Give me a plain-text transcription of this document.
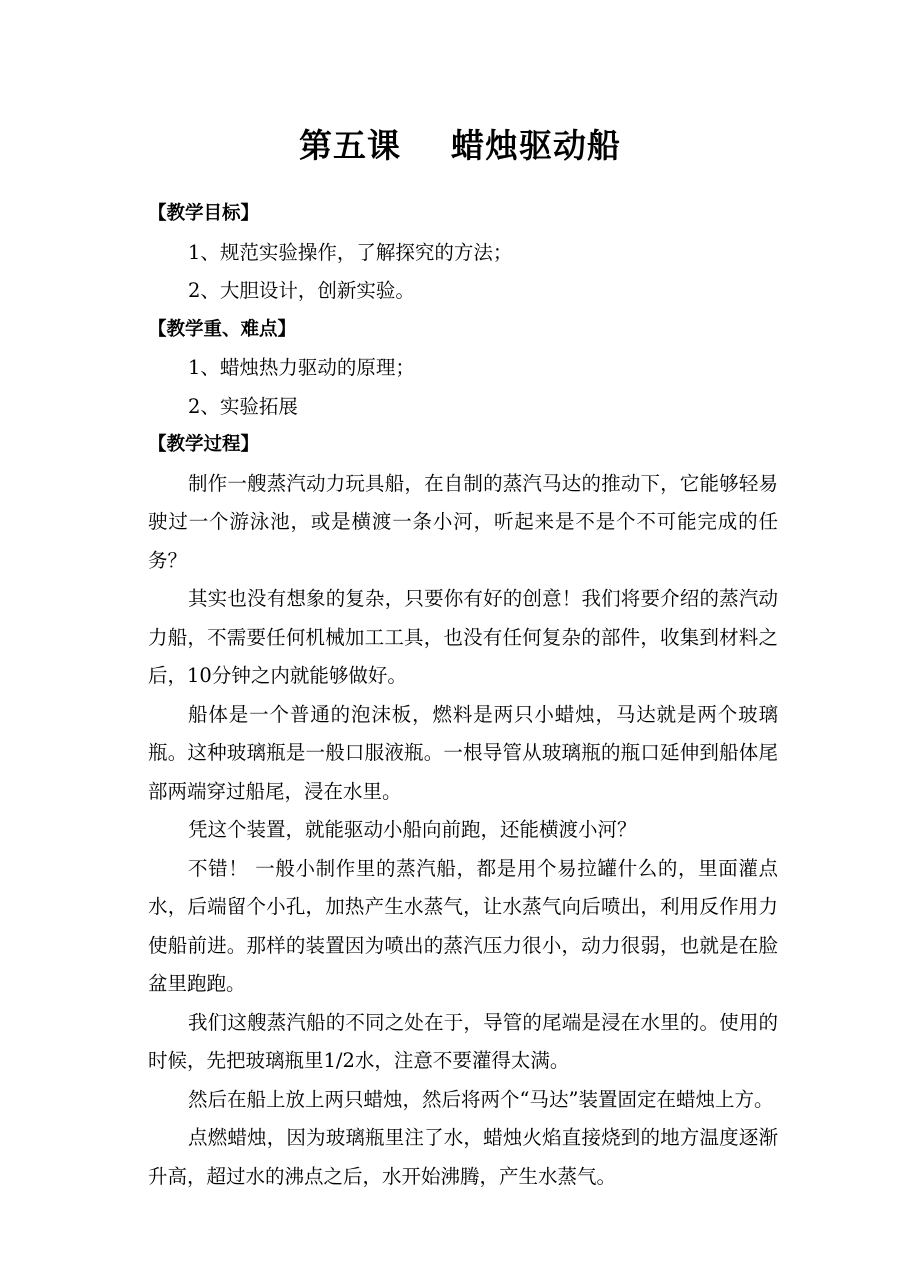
第五课    蜡烛驱动船
【教学目标】
1、规范实验操作，了解探究的方法；
2、大胆设计，创新实验。
【教学重、难点】
1、蜡烛热力驱动的原理；
2、实验拓展
【教学过程】
制作一艘蒸汽动力玩具船，在自制的蒸汽马达的推动下，它能够轻易驶过一个游泳池，或是横渡一条小河，听起来是不是个不可能完成的任务？
其实也没有想象的复杂，只要你有好的创意！我们将要介绍的蒸汽动力船，不需要任何机械加工工具，也没有任何复杂的部件，收集到材料之后，10分钟之内就能够做好。
船体是一个普通的泡沫板，燃料是两只小蜡烛，马达就是两个玻璃瓶。这种玻璃瓶是一般口服液瓶。一根导管从玻璃瓶的瓶口延伸到船体尾部两端穿过船尾，浸在水里。
凭这个装置，就能驱动小船向前跑，还能横渡小河？
不错！ 一般小制作里的蒸汽船，都是用个易拉罐什么的，里面灌点水，后端留个小孔，加热产生水蒸气，让水蒸气向后喷出，利用反作用力使船前进。那样的装置因为喷出的蒸汽压力很小，动力很弱，也就是在脸盆里跑跑。
我们这艘蒸汽船的不同之处在于，导管的尾端是浸在水里的。使用的时候，先把玻璃瓶里1/2水，注意不要灌得太满。
然后在船上放上两只蜡烛，然后将两个“马达”装置固定在蜡烛上方。
点燃蜡烛，因为玻璃瓶里注了水，蜡烛火焰直接烧到的地方温度逐渐升高，超过水的沸点之后，水开始沸腾，产生水蒸气。
